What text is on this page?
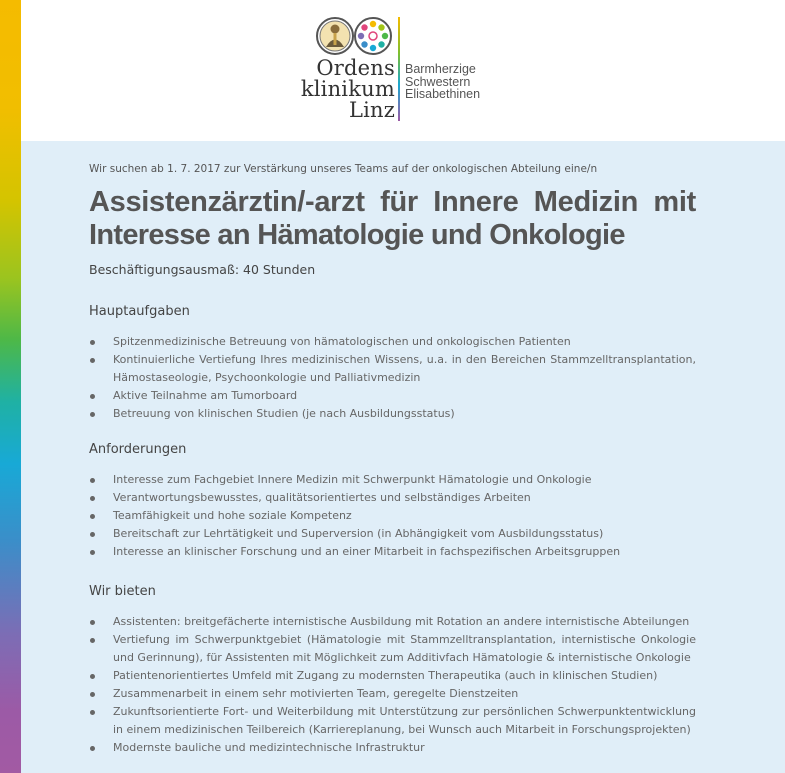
Ordens
klinikum
Linz
Barmherzige
Schwestern
Elisabethinen
Wir suchen ab 1. 7. 2017 zur Verstärkung unseres Teams auf der onkologischen Abteilung eine/n
Assistenzärztin/-arzt für Innere Medizin mit
Interesse an Hämatologie und Onkologie
Beschäftigungsausmaß: 40 Stunden
Hauptaufgaben
Spitzenmedizinische Betreuung von hämatologischen und onkologischen Patienten
Kontinuierliche Vertiefung Ihres medizinischen Wissens, u.a. in den Bereichen Stammzelltransplantation, Hämostaseologie, Psychoonkologie und Palliativmedizin
Aktive Teilnahme am Tumorboard
Betreuung von klinischen Studien (je nach Ausbildungsstatus)
Anforderungen
Interesse zum Fachgebiet Innere Medizin mit Schwerpunkt Hämatologie und Onkologie
Verantwortungsbewusstes, qualitätsorientiertes und selbständiges Arbeiten
Teamfähigkeit und hohe soziale Kompetenz
Bereitschaft zur Lehrtätigkeit und Superversion (in Abhängigkeit vom Ausbildungsstatus)
Interesse an klinischer Forschung und an einer Mitarbeit in fachspezifischen Arbeitsgruppen
Wir bieten
Assistenten: breitgefächerte internistische Ausbildung mit Rotation an andere internistische Abteilungen
Vertiefung im Schwerpunktgebiet (Hämatologie mit Stammzelltransplantation, internistische Onkologie und Gerinnung), für Assistenten mit Möglichkeit zum Additivfach Hämatologie & internistische Onkologie
Patientenorientiertes Umfeld mit Zugang zu modernsten Therapeutika (auch in klinischen Studien)
Zusammenarbeit in einem sehr motivierten Team, geregelte Dienstzeiten
Zukunftsorientierte Fort- und Weiterbildung mit Unterstützung zur persönlichen Schwerpunktentwicklung in einem medizinischen Teilbereich (Karriereplanung, bei Wunsch auch Mitarbeit in Forschungsprojekten)
Modernste bauliche und medizintechnische Infrastruktur
